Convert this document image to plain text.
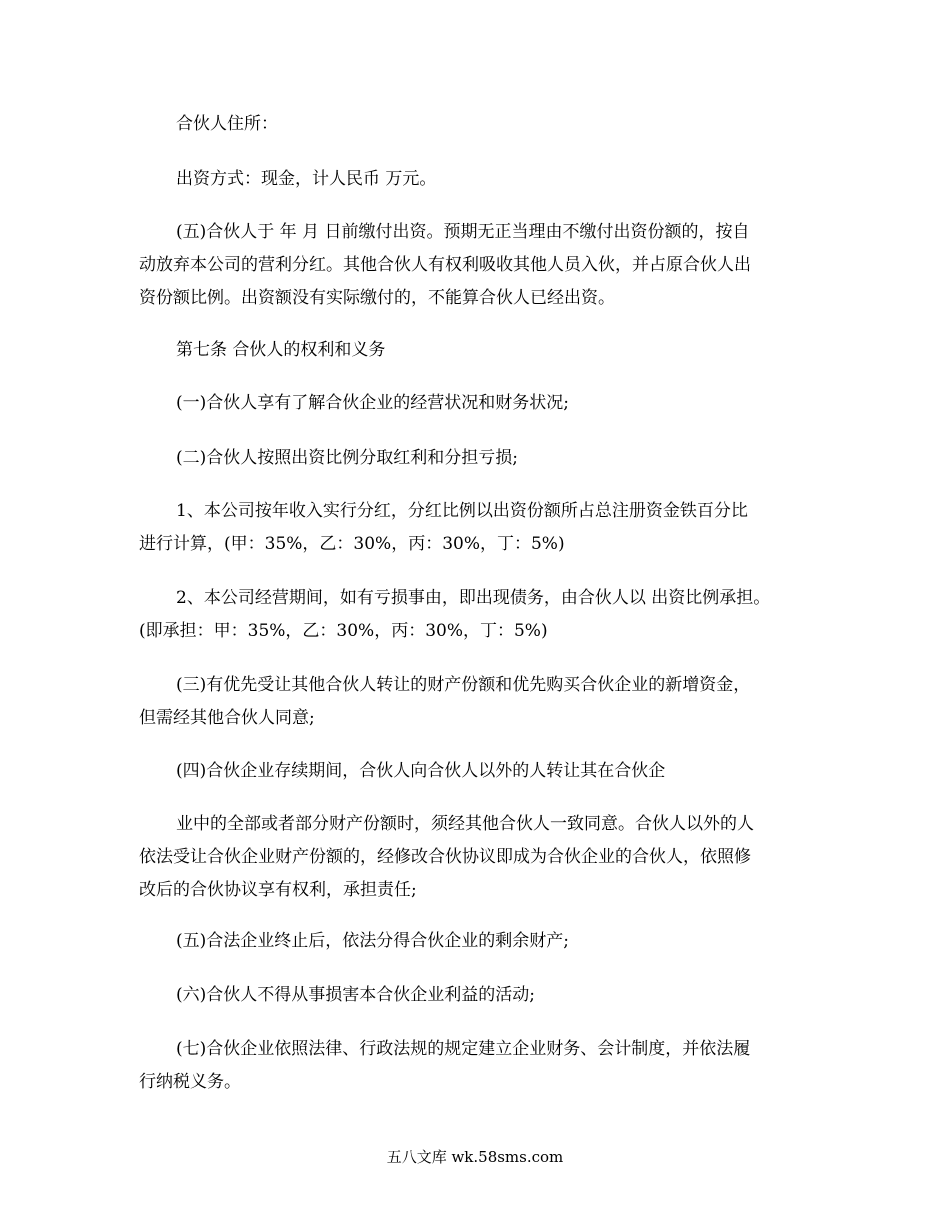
合伙人住所：
出资方式：现金，计人民币 万元。
(五)合伙人于 年 月 日前缴付出资。预期无正当理由不缴付出资份额的，按自
动放弃本公司的营利分红。其他合伙人有权利吸收其他人员入伙，并占原合伙人出
资份额比例。出资额没有实际缴付的，不能算合伙人已经出资。
第七条 合伙人的权利和义务
(一)合伙人享有了解合伙企业的经营状况和财务状况;
(二)合伙人按照出资比例分取红利和分担亏损;
1、本公司按年收入实行分红，分红比例以出资份额所占总注册资金铁百分比
进行计算，(甲：35%，乙：30%，丙：30%，丁：5%)
2、本公司经营期间，如有亏损事由，即出现债务，由合伙人以 出资比例承担。
(即承担：甲：35%，乙：30%，丙：30%，丁：5%)
(三)有优先受让其他合伙人转让的财产份额和优先购买合伙企业的新增资金，
但需经其他合伙人同意;
(四)合伙企业存续期间，合伙人向合伙人以外的人转让其在合伙企
业中的全部或者部分财产份额时，须经其他合伙人一致同意。合伙人以外的人
依法受让合伙企业财产份额的，经修改合伙协议即成为合伙企业的合伙人，依照修
改后的合伙协议享有权利，承担责任;
(五)合法企业终止后，依法分得合伙企业的剩余财产;
(六)合伙人不得从事损害本合伙企业利益的活动;
(七)合伙企业依照法律、行政法规的规定建立企业财务、会计制度，并依法履
行纳税义务。
五八文库 wk.58sms.com
